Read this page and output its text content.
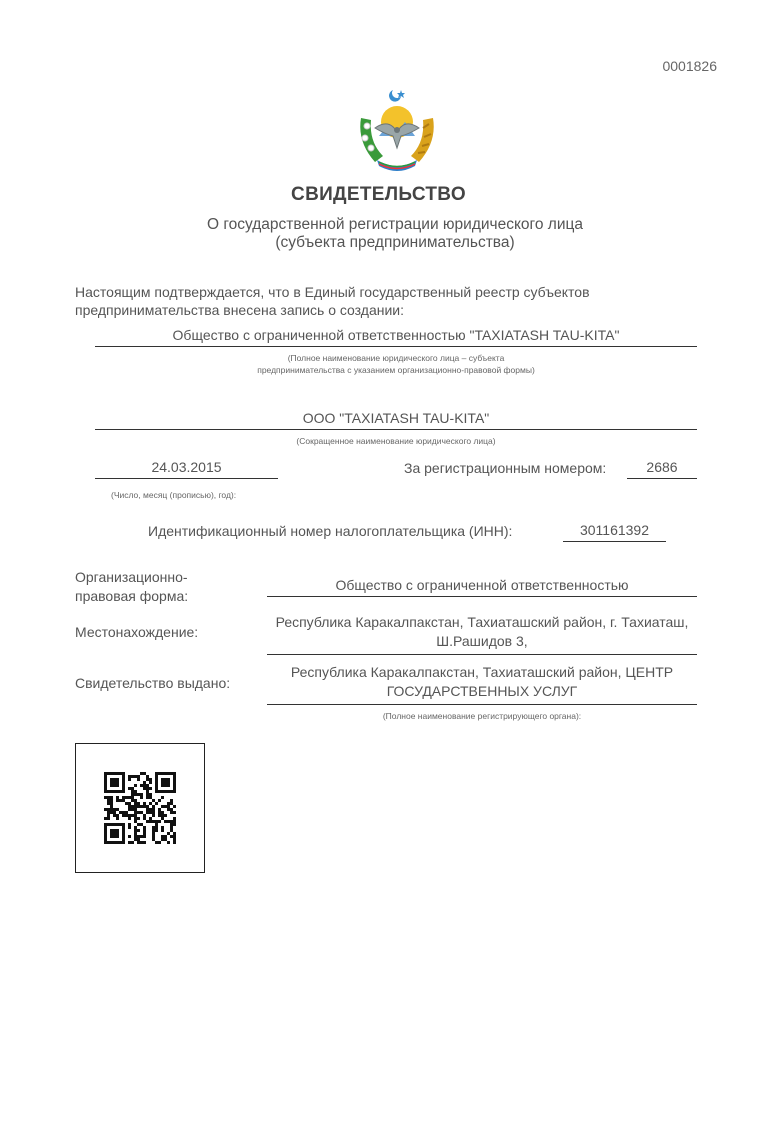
0001826
СВИДЕТЕЛЬСТВО
О государственной регистрации юридического лица
(субъекта предпринимательства)
Настоящим подтверждается, что в Единый государственный реестр субъектов
предпринимательства внесена запись о создании:
Общество с ограниченной ответственностью "TAXIATASH TAU-KITA"
(Полное наименование юридического лица – субъекта
предпринимательства с указанием организационно-правовой формы)
ООО "TAXIATASH TAU-KITA"
(Сокращенное наименование юридического лица)
24.03.2015	За регистрационным номером:	2686
(Число, месяц (прописью), год):
Идентификационный номер налогоплательщика (ИНН):	301161392
Организационно-
правовая форма:
Общество с ограниченной ответственностью
Местонахождение:
Республика Каракалпакстан, Тахиаташский район, г. Тахиаташ,
Ш.Рашидов 3,
Свидетельство выдано:
Республика Каракалпакстан, Тахиаташский район, ЦЕНТР
ГОСУДАРСТВЕННЫХ УСЛУГ
(Полное наименование регистрирующего органа):
